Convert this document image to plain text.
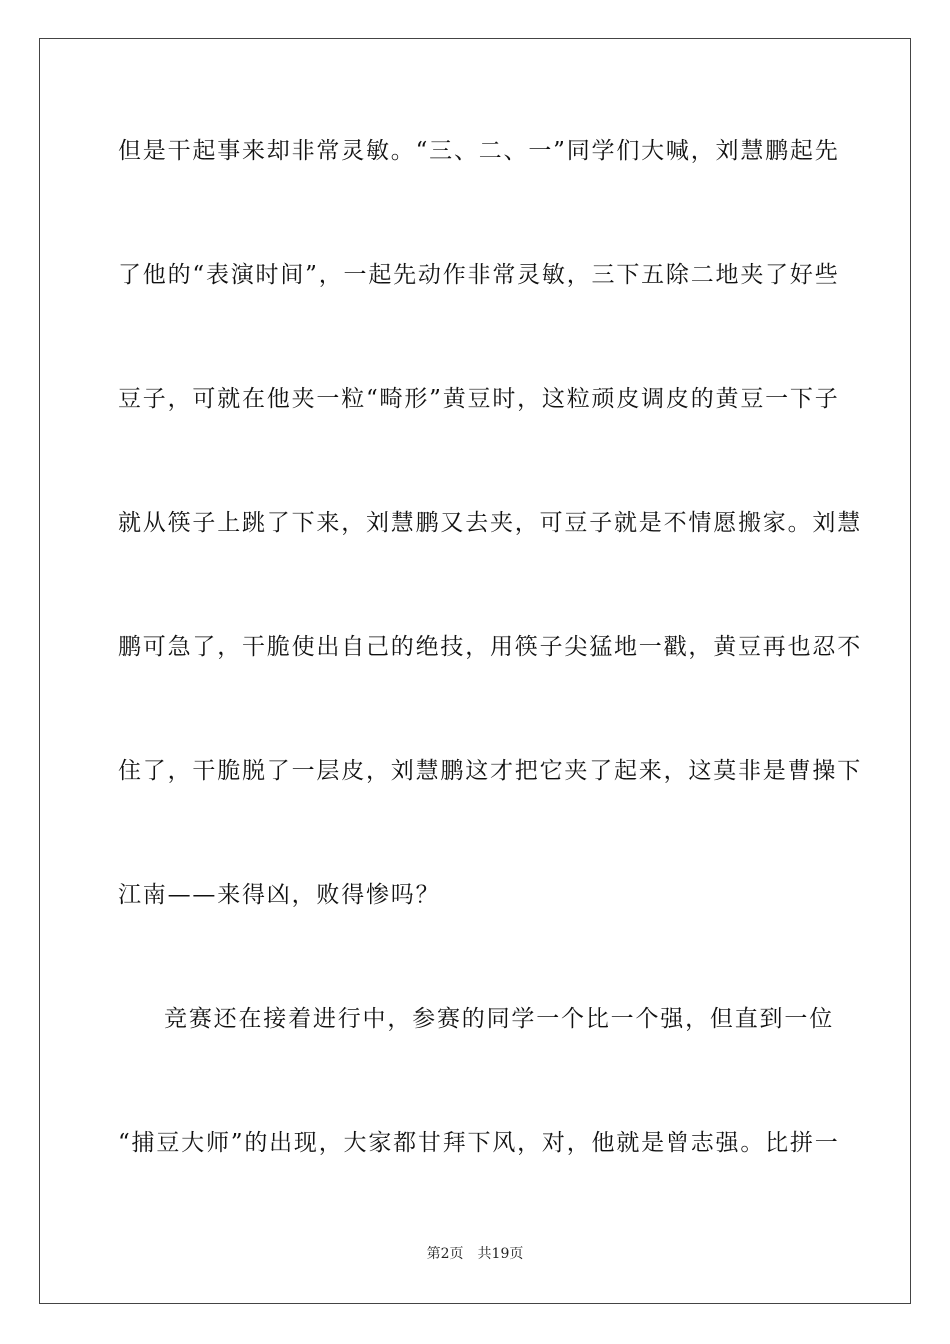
但是干起事来却非常灵敏。“三、二、一”同学们大喊，刘慧鹏起先
了他的“表演时间”，一起先动作非常灵敏，三下五除二地夹了好些
豆子，可就在他夹一粒“畸形”黄豆时，这粒顽皮调皮的黄豆一下子
就从筷子上跳了下来，刘慧鹏又去夹，可豆子就是不情愿搬家。刘慧
鹏可急了，干脆使出自己的绝技，用筷子尖猛地一戳，黄豆再也忍不
住了，干脆脱了一层皮，刘慧鹏这才把它夹了起来，这莫非是曹操下
江南——来得凶，败得惨吗？
竞赛还在接着进行中，参赛的同学一个比一个强，但直到一位
“捕豆大师”的出现，大家都甘拜下风，对，他就是曾志强。比拼一
第2页 共19页
